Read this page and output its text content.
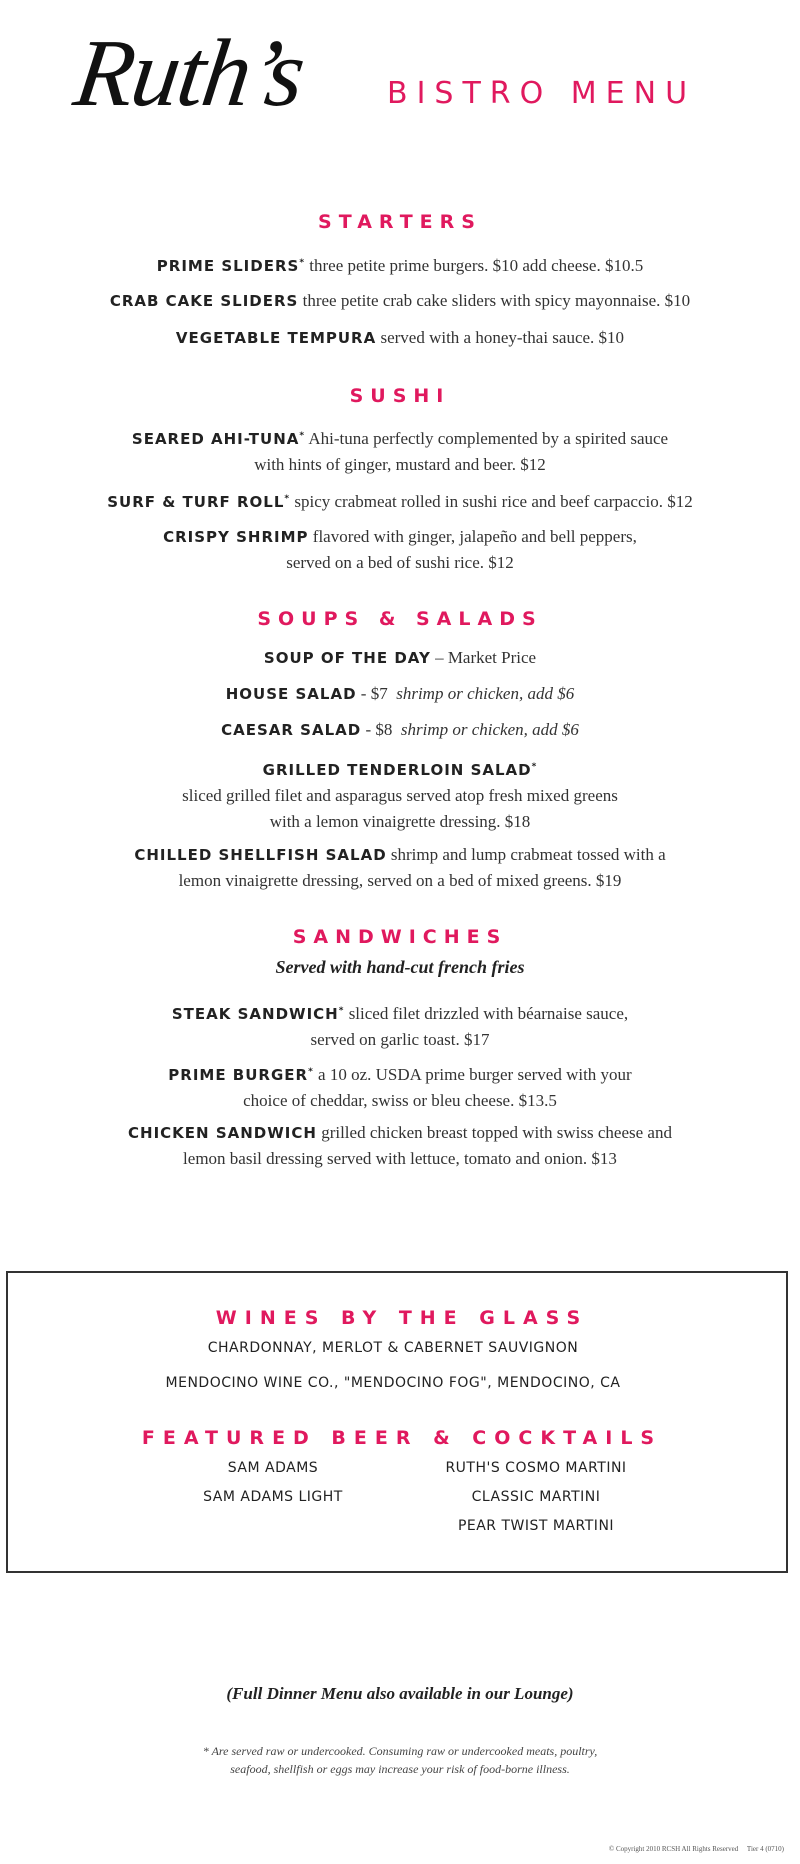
Ruth’s	BISTRO MENU
STARTERS
PRIME SLIDERS* three petite prime burgers. $10 add cheese. $10.5
CRAB CAKE SLIDERS three petite crab cake sliders with spicy mayonnaise. $10
VEGETABLE TEMPURA served with a honey-thai sauce. $10
SUSHI
SEARED AHI-TUNA* Ahi-tuna perfectly complemented by a spirited sauce
with hints of ginger, mustard and beer. $12
SURF & TURF ROLL* spicy crabmeat rolled in sushi rice and beef carpaccio. $12
CRISPY SHRIMP flavored with ginger, jalapeño and bell peppers,
served on a bed of sushi rice. $12
SOUPS & SALADS
SOUP OF THE DAY – Market Price
HOUSE SALAD - $7  shrimp or chicken, add $6
CAESAR SALAD - $8  shrimp or chicken, add $6
GRILLED TENDERLOIN SALAD*
sliced grilled filet and asparagus served atop fresh mixed greens
with a lemon vinaigrette dressing. $18
CHILLED SHELLFISH SALAD shrimp and lump crabmeat tossed with a
lemon vinaigrette dressing, served on a bed of mixed greens. $19
SANDWICHES
Served with hand-cut french fries
STEAK SANDWICH* sliced filet drizzled with béarnaise sauce,
served on garlic toast. $17
PRIME BURGER* a 10 oz. USDA prime burger served with your
choice of cheddar, swiss or bleu cheese. $13.5
CHICKEN SANDWICH grilled chicken breast topped with swiss cheese and
lemon basil dressing served with lettuce, tomato and onion. $13
WINES BY THE GLASS
CHARDONNAY, MERLOT & CABERNET SAUVIGNON
MENDOCINO WINE CO., "MENDOCINO FOG", MENDOCINO, CA
FEATURED BEER & COCKTAILS
SAM ADAMS
SAM ADAMS LIGHT
RUTH'S COSMO MARTINI
CLASSIC MARTINI
PEAR TWIST MARTINI
(Full Dinner Menu also available in our Lounge)
* Are served raw or undercooked. Consuming raw or undercooked meats, poultry,
seafood, shellfish or eggs may increase your risk of food-borne illness.
© Copyright 2010 RCSH All Rights Reserved     Tier 4 (0710)
